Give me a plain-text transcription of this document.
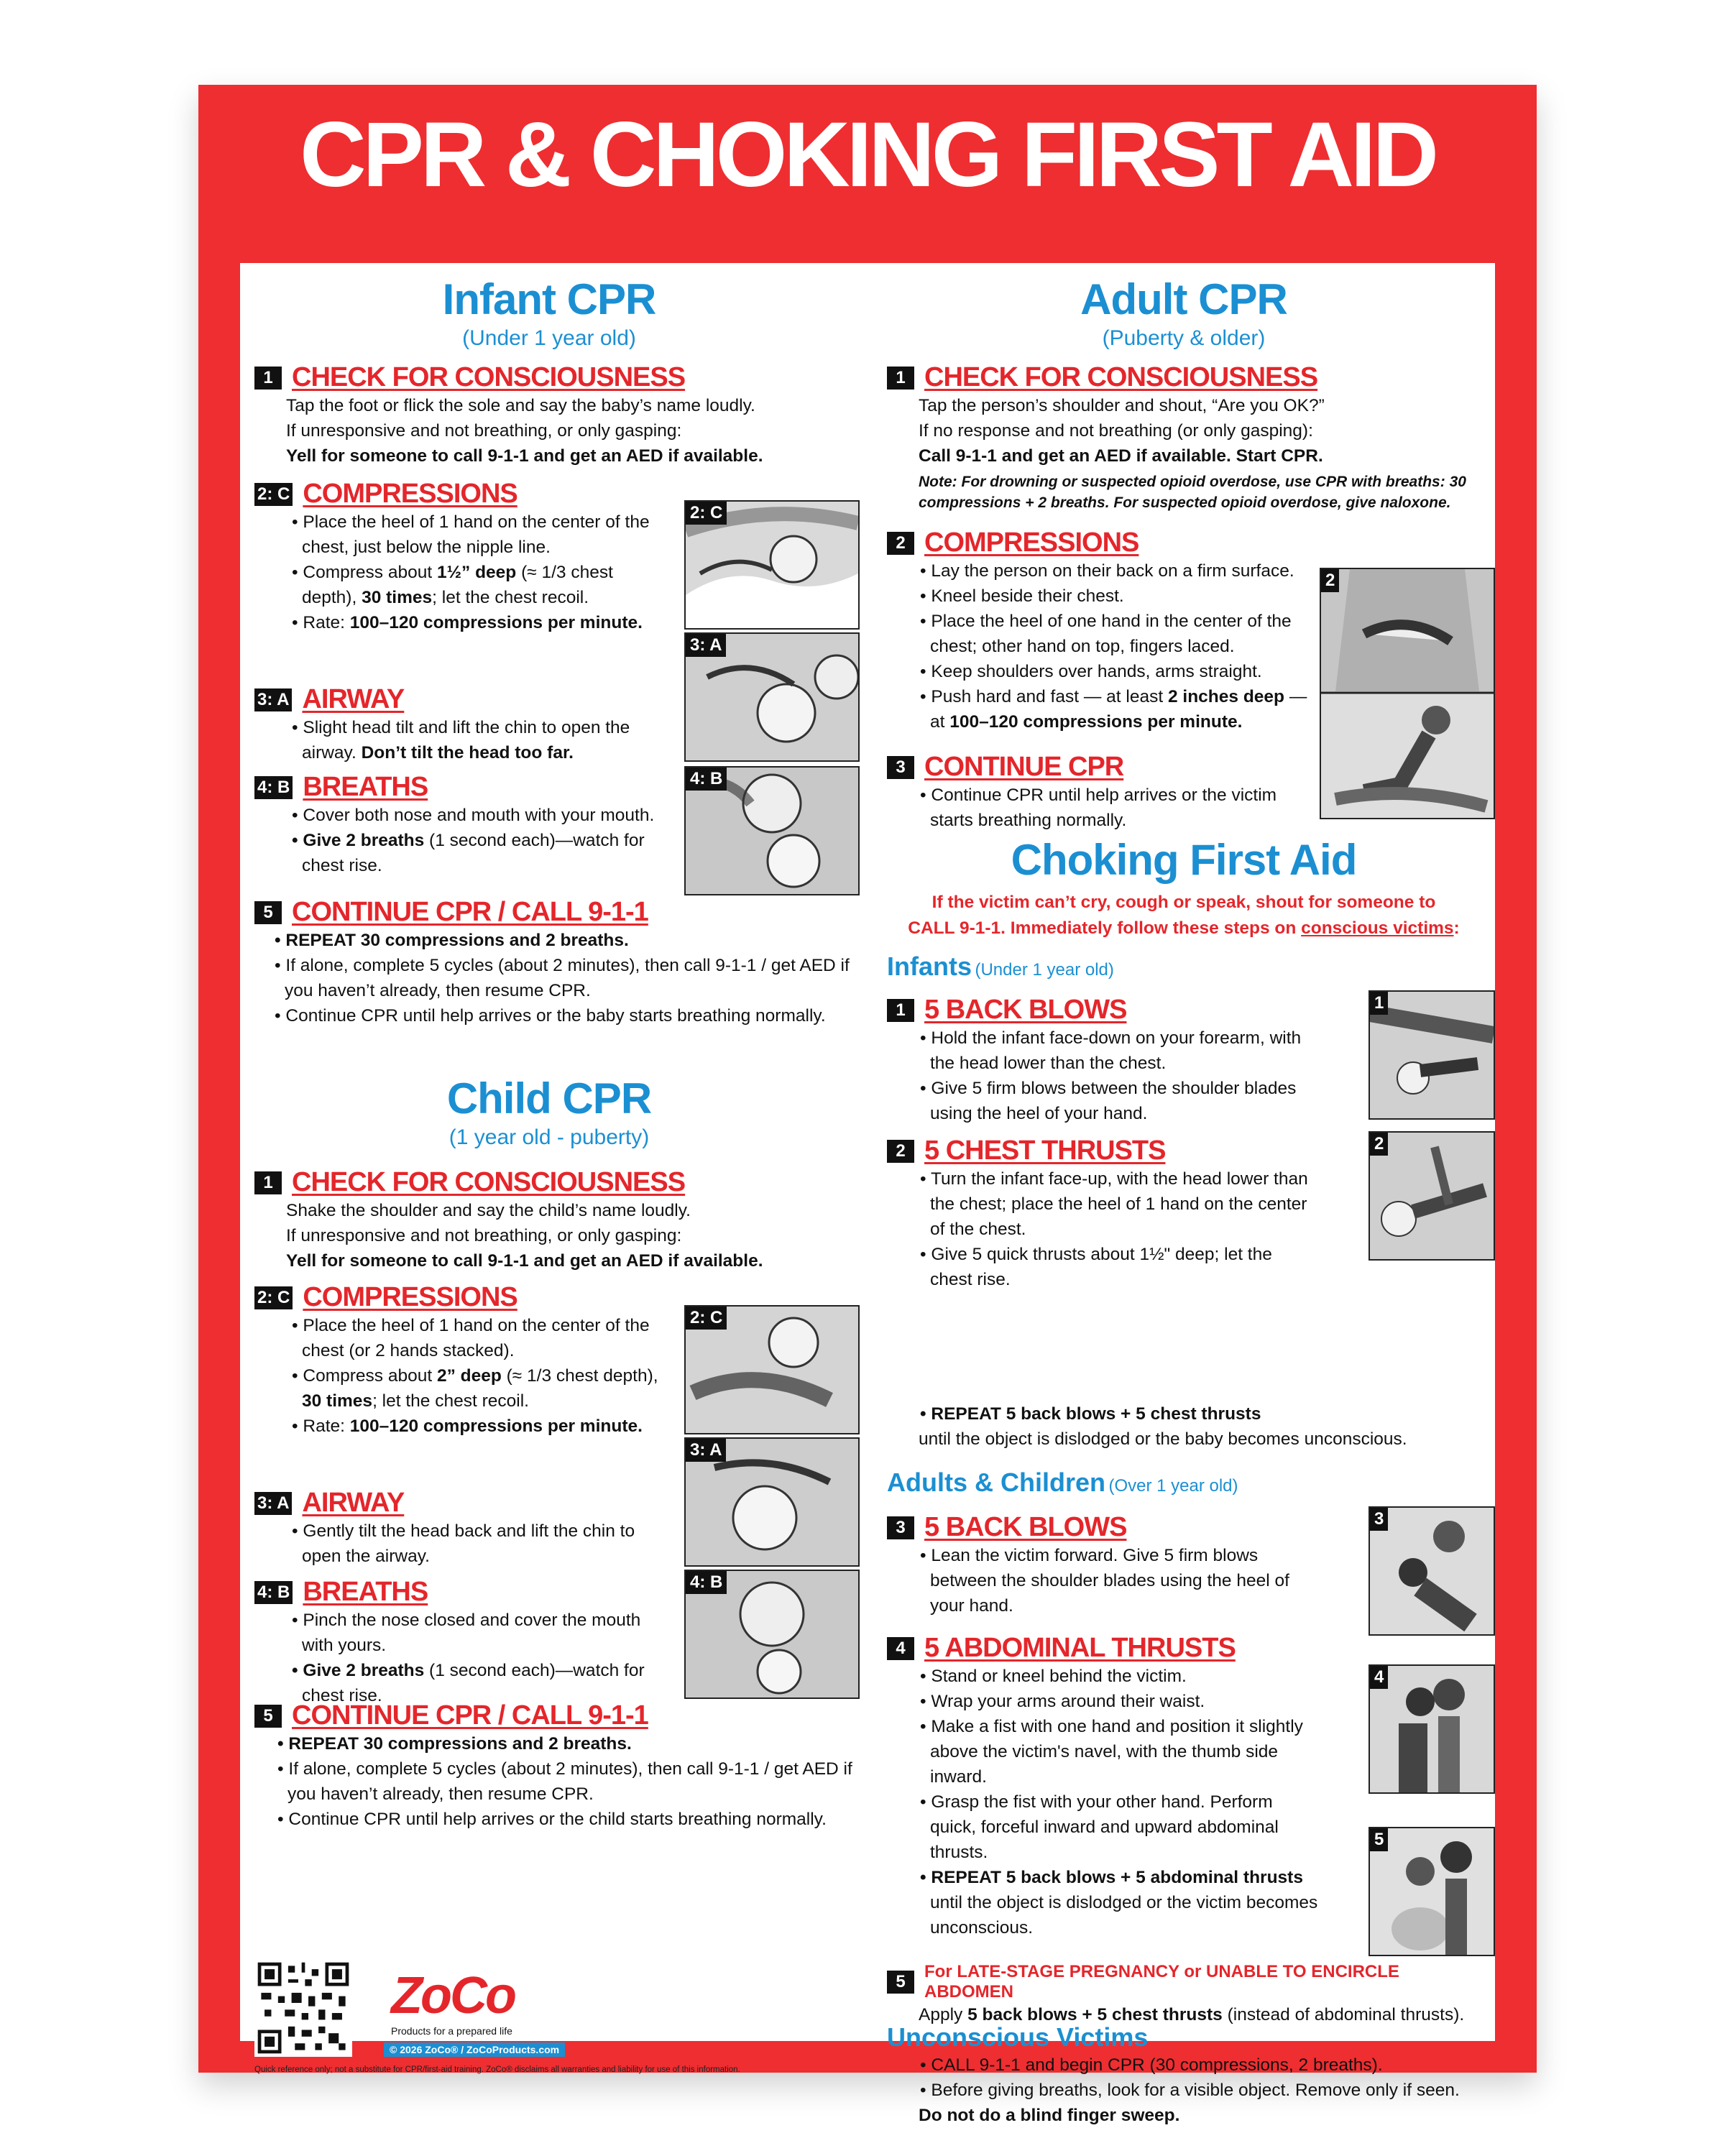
CPR & CHOKING FIRST AID
Infant CPR
(Under 1 year old)
1 CHECK FOR CONSCIOUSNESS
Tap the foot or flick the sole and say the baby’s name loudly.
If unresponsive and not breathing, or only gasping:
Yell for someone to call 9-1-1 and get an AED if available.
2: C COMPRESSIONS
• Place the heel of 1 hand on the center of the chest, just below the nipple line.
• Compress about 1½” deep (≈ 1/3 chest depth), 30 times; let the chest recoil.
• Rate: 100–120 compressions per minute.
2: C
3: A AIRWAY
• Slight head tilt and lift the chin to open the airway. Don’t tilt the head too far.
3: A
4: B BREATHS
• Cover both nose and mouth with your mouth.
• Give 2 breaths (1 second each)—watch for chest rise.
4: B
5 CONTINUE CPR / CALL 9-1-1
• REPEAT 30 compressions and 2 breaths.
• If alone, complete 5 cycles (about 2 minutes), then call 9-1-1 / get AED if you haven’t already, then resume CPR.
• Continue CPR until help arrives or the baby starts breathing normally.
Child CPR
(1 year old - puberty)
1 CHECK FOR CONSCIOUSNESS
Shake the shoulder and say the child’s name loudly.
If unresponsive and not breathing, or only gasping:
Yell for someone to call 9-1-1 and get an AED if available.
2: C COMPRESSIONS
• Place the heel of 1 hand on the center of the chest (or 2 hands stacked).
• Compress about 2” deep (≈ 1/3 chest depth), 30 times; let the chest recoil.
• Rate: 100–120 compressions per minute.
2: C
3: A AIRWAY
• Gently tilt the head back and lift the chin to open the airway.
3: A
4: B BREATHS
• Pinch the nose closed and cover the mouth with yours.
• Give 2 breaths (1 second each)—watch for chest rise.
4: B
5 CONTINUE CPR / CALL 9-1-1
• REPEAT 30 compressions and 2 breaths.
• If alone, complete 5 cycles (about 2 minutes), then call 9-1-1 / get AED if you haven’t already, then resume CPR.
• Continue CPR until help arrives or the child starts breathing normally.
ZoCo
Products for a prepared life
© 2026 ZoCo® / ZoCoProducts.com
Quick reference only; not a substitute for CPR/first-aid training. ZoCo® disclaims all warranties and liability for use of this information.
Adult CPR
(Puberty & older)
1 CHECK FOR CONSCIOUSNESS
Tap the person’s shoulder and shout, “Are you OK?”
If no response and not breathing (or only gasping):
Call 9-1-1 and get an AED if available. Start CPR.
Note: For drowning or suspected opioid overdose, use CPR with breaths: 30 compressions + 2 breaths. For suspected opioid overdose, give naloxone.
2 COMPRESSIONS
• Lay the person on their back on a firm surface.
• Kneel beside their chest.
• Place the heel of one hand in the center of the chest; other hand on top, fingers laced.
• Keep shoulders over hands, arms straight.
• Push hard and fast — at least 2 inches deep — at 100–120 compressions per minute.
2
3 CONTINUE CPR
• Continue CPR until help arrives or the victim starts breathing normally.
Choking First Aid
If the victim can’t cry, cough or speak, shout for someone to
CALL 9-1-1. Immediately follow these steps on conscious victims:
Infants (Under 1 year old)
1 5 BACK BLOWS
• Hold the infant face-down on your forearm, with the head lower than the chest.
• Give 5 firm blows between the shoulder blades using the heel of your hand.
1
2 5 CHEST THRUSTS
• Turn the infant face-up, with the head lower than the chest; place the heel of 1 hand on the center of the chest.
• Give 5 quick thrusts about 1½" deep; let the chest rise.
• REPEAT 5 back blows + 5 chest thrusts
until the object is dislodged or the baby becomes unconscious.
2
Adults & Children (Over 1 year old)
3 5 BACK BLOWS
• Lean the victim forward. Give 5 firm blows between the shoulder blades using the heel of your hand.
3
4 5 ABDOMINAL THRUSTS
• Stand or kneel behind the victim.
• Wrap your arms around their waist.
• Make a fist with one hand and position it slightly above the victim's navel, with the thumb side inward.
• Grasp the fist with your other hand. Perform quick, forceful inward and upward abdominal thrusts.
• REPEAT 5 back blows + 5 abdominal thrusts until the object is dislodged or the victim becomes unconscious.
4
5
5
For LATE-STAGE PREGNANCY or UNABLE TO ENCIRCLE ABDOMEN
Apply 5 back blows + 5 chest thrusts (instead of abdominal thrusts).
Unconscious Victims
• CALL 9-1-1 and begin CPR (30 compressions, 2 breaths).
• Before giving breaths, look for a visible object. Remove only if seen.
Do not do a blind finger sweep.
